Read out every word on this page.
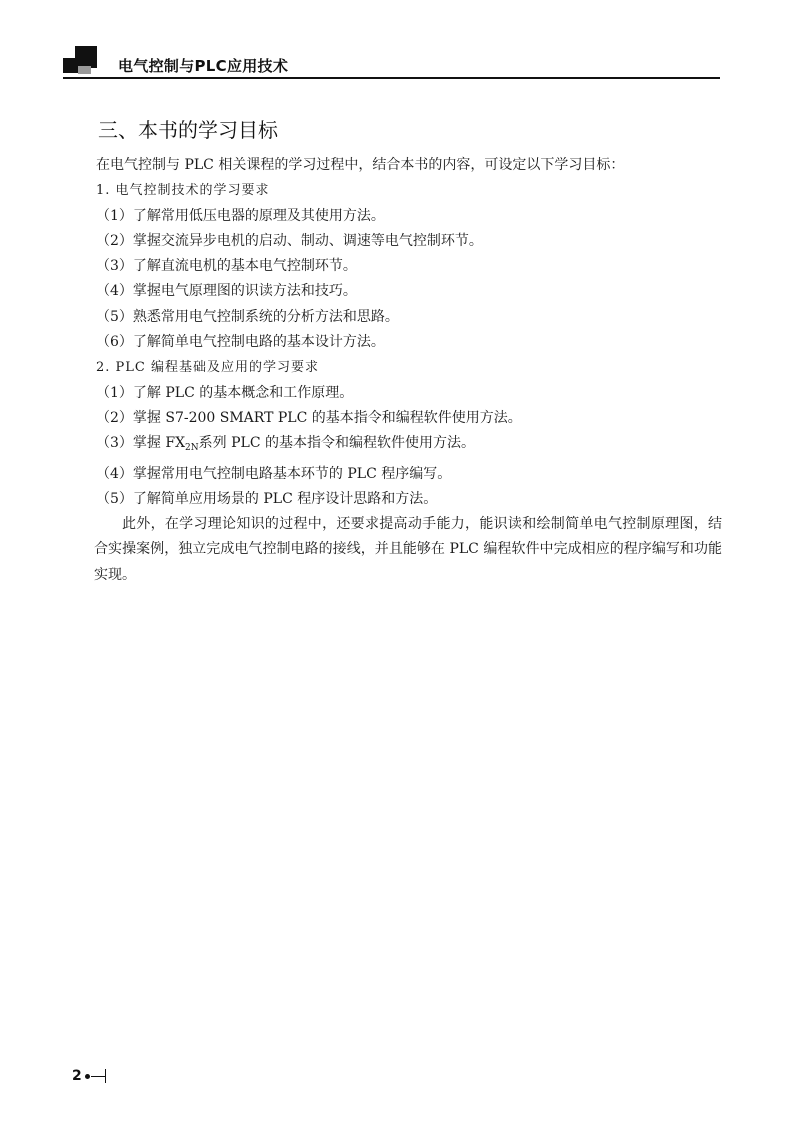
电气控制与PLC应用技术
三、本书的学习目标
在电气控制与 PLC 相关课程的学习过程中，结合本书的内容，可设定以下学习目标：
1. 电气控制技术的学习要求
（1）了解常用低压电器的原理及其使用方法。
（2）掌握交流异步电机的启动、制动、调速等电气控制环节。
（3）了解直流电机的基本电气控制环节。
（4）掌握电气原理图的识读方法和技巧。
（5）熟悉常用电气控制系统的分析方法和思路。
（6）了解简单电气控制电路的基本设计方法。
2. PLC 编程基础及应用的学习要求
（1）了解 PLC 的基本概念和工作原理。
（2）掌握 S7-200 SMART PLC 的基本指令和编程软件使用方法。
（3）掌握 $FX_{2N}$系列 PLC 的基本指令和编程软件使用方法。
（4）掌握常用电气控制电路基本环节的 PLC 程序编写。
（5）了解简单应用场景的 PLC 程序设计思路和方法。
此外，在学习理论知识的过程中，还要求提高动手能力，能识读和绘制简单电气控制原理图，结合实操案例，独立完成电气控制电路的接线，并且能够在 PLC 编程软件中完成相应的程序编写和功能实现。
2
